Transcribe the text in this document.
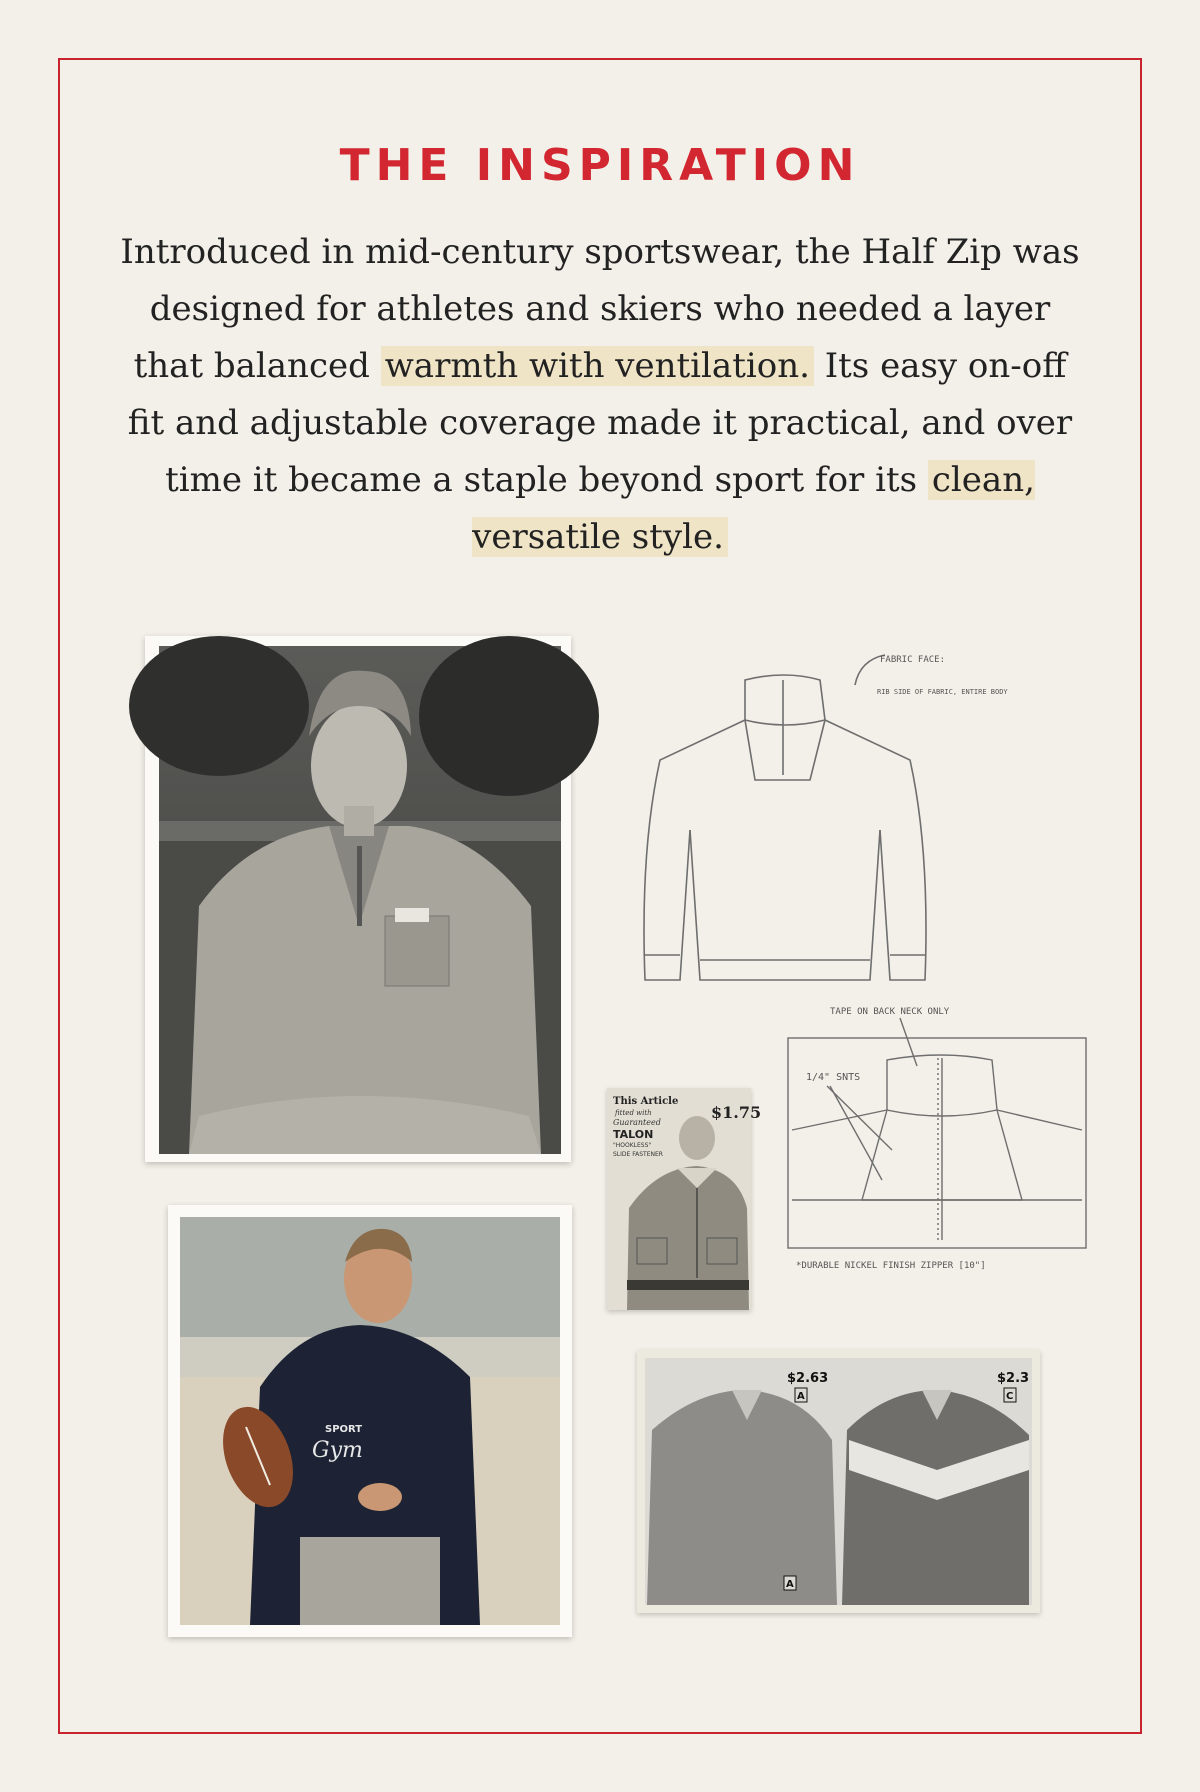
THE INSPIRATION

Introduced in mid-century sportswear, the Half Zip was designed for athletes and skiers who needed a layer that balanced warmth with ventilation. Its easy on-off fit and adjustable coverage made it practical, and over time it became a staple beyond sport for its clean, versatile style.

FABRIC FACE:
RIB SIDE OF FABRIC, ENTIRE BODY
This Article
fitted with
Guaranteed
TALON
"HOOKLESS"
SLIDE FASTENER
$1.75
TAPE ON BACK NECK ONLY
1/4" SNTS
*DURABLE NICKEL FINISH ZIPPER [10"]
SPORT
Gym
$2.63
A
$2.3
C
A
